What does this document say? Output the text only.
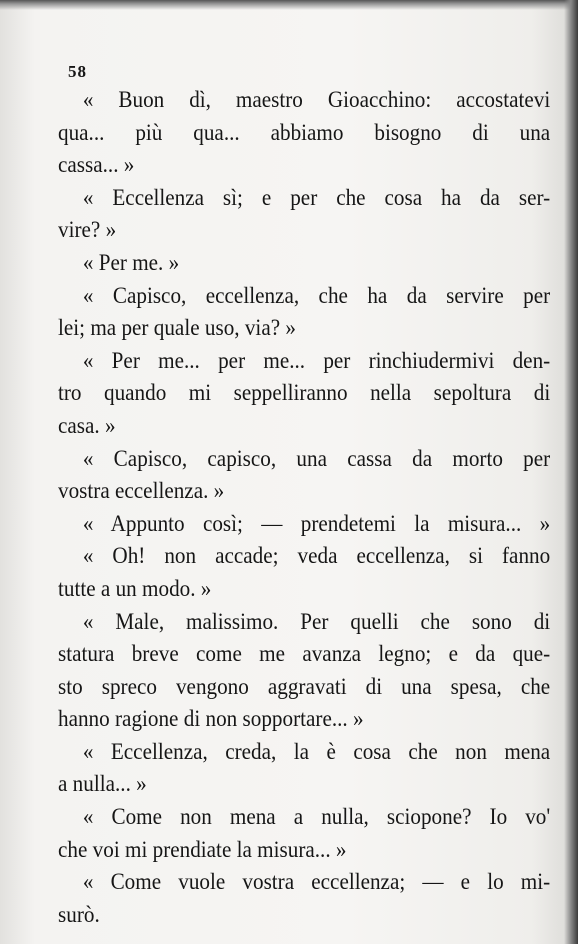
58
« Buon dì, maestro Gioacchino: accostatevi
qua... più qua... abbiamo bisogno di una
cassa... »
« Eccellenza sì; e per che cosa ha da ser-
vire? »
« Per me. »
« Capisco, eccellenza, che ha da servire per
lei; ma per quale uso, via? »
« Per me... per me... per rinchiudermivi den-
tro quando mi seppelliranno nella sepoltura di
casa. »
« Capisco, capisco, una cassa da morto per
vostra eccellenza. »
« Appunto così; — prendetemi la misura... »
« Oh! non accade; veda eccellenza, si fanno
tutte a un modo. »
« Male, malissimo. Per quelli che sono di
statura breve come me avanza legno; e da que-
sto spreco vengono aggravati di una spesa, che
hanno ragione di non sopportare... »
« Eccellenza, creda, la è cosa che non mena
a nulla... »
« Come non mena a nulla, sciopone? Io vo'
che voi mi prendiate la misura... »
« Come vuole vostra eccellenza; — e lo mi-
surò.
